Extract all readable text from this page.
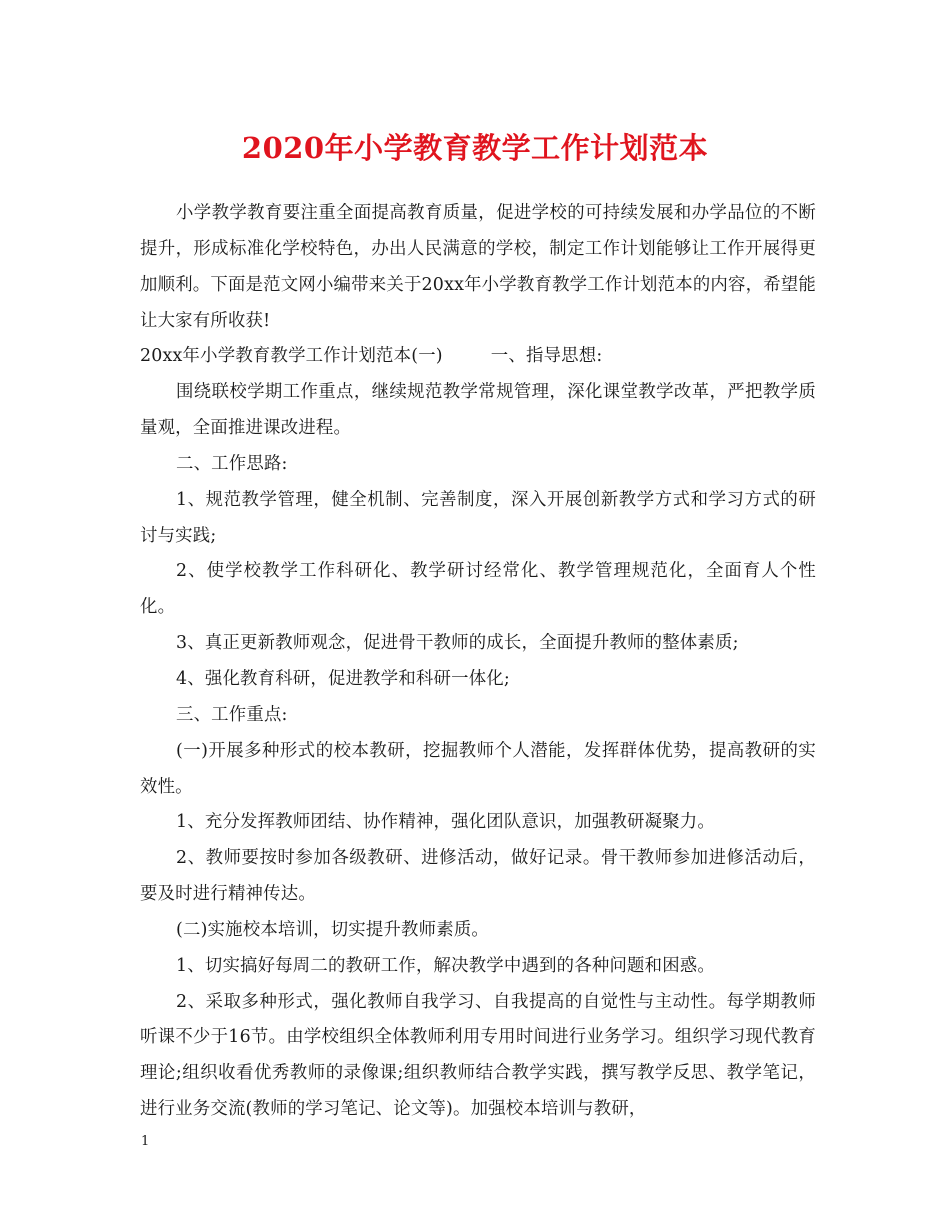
2020年小学教育教学工作计划范本

小学教学教育要注重全面提高教育质量，促进学校的可持续发展和办学品位的不断提升，形成标准化学校特色，办出人民满意的学校，制定工作计划能够让工作开展得更加顺利。下面是范文网小编带来关于20xx年小学教育教学工作计划范本的内容，希望能让大家有所收获!

20xx年小学教育教学工作计划范本(一)	一、指导思想:

围绕联校学期工作重点，继续规范教学常规管理，深化课堂教学改革，严把教学质量观，全面推进课改进程。

二、工作思路:

1、规范教学管理，健全机制、完善制度，深入开展创新教学方式和学习方式的研讨与实践;

2、使学校教学工作科研化、教学研讨经常化、教学管理规范化，全面育人个性化。

3、真正更新教师观念，促进骨干教师的成长，全面提升教师的整体素质;

4、强化教育科研，促进教学和科研一体化;

三、工作重点:

(一)开展多种形式的校本教研，挖掘教师个人潜能，发挥群体优势，提高教研的实效性。

1、充分发挥教师团结、协作精神，强化团队意识，加强教研凝聚力。

2、教师要按时参加各级教研、进修活动，做好记录。骨干教师参加进修活动后，要及时进行精神传达。

(二)实施校本培训，切实提升教师素质。

1、切实搞好每周二的教研工作，解决教学中遇到的各种问题和困惑。

2、采取多种形式，强化教师自我学习、自我提高的自觉性与主动性。每学期教师听课不少于16节。由学校组织全体教师利用专用时间进行业务学习。组织学习现代教育理论;组织收看优秀教师的录像课;组织教师结合教学实践，撰写教学反思、教学笔记，进行业务交流(教师的学习笔记、论文等)。加强校本培训与教研，

1
